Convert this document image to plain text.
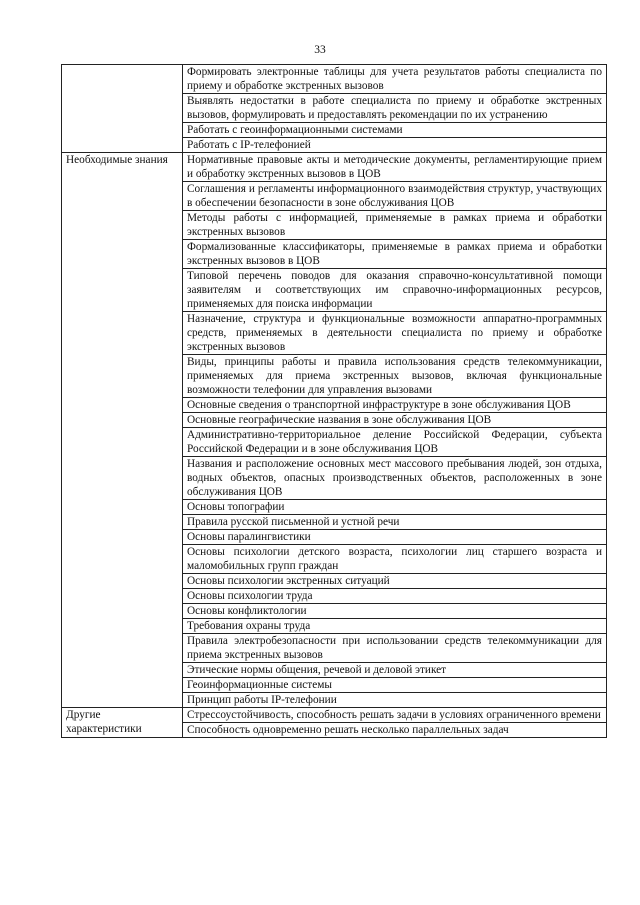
33
	Формировать электронные таблицы для учета результатов работы специалиста по приему и обработке экстренных вызовов
	Выявлять недостатки в работе специалиста по приему и обработке экстренных вызовов, формулировать и предоставлять рекомендации по их устранению
	Работать с геоинформационными системами
	Работать с IP-телефонией

Необходимые знания	Нормативные правовые акты и методические документы, регламентирующие прием и обработку экстренных вызовов в ЦОВ
	Соглашения и регламенты информационного взаимодействия структур, участвующих в обеспечении безопасности в зоне обслуживания ЦОВ
	Методы работы с информацией, применяемые в рамках приема и обработки экстренных вызовов
	Формализованные классификаторы, применяемые в рамках приема и обработки экстренных вызовов в ЦОВ
	Типовой перечень поводов для оказания справочно-консультативной помощи заявителям и соответствующих им справочно-информационных ресурсов, применяемых для поиска информации
	Назначение, структура и функциональные возможности аппаратно-программных средств, применяемых в деятельности специалиста по приему и обработке экстренных вызовов
	Виды, принципы работы и правила использования средств телекоммуникации, применяемых для приема экстренных вызовов, включая функциональные возможности телефонии для управления вызовами
	Основные сведения о транспортной инфраструктуре в зоне обслуживания ЦОВ
	Основные географические названия в зоне обслуживания ЦОВ
	Административно-территориальное деление Российской Федерации, субъекта Российской Федерации и в зоне обслуживания ЦОВ
	Названия и расположение основных мест массового пребывания людей, зон отдыха, водных объектов, опасных производственных объектов, расположенных в зоне обслуживания ЦОВ
	Основы топографии
	Правила русской письменной и устной речи
	Основы паралингвистики
	Основы психологии детского возраста, психологии лиц старшего возраста и маломобильных групп граждан
	Основы психологии экстренных ситуаций
	Основы психологии труда
	Основы конфликтологии
	Требования охраны труда
	Правила электробезопасности при использовании средств телекоммуникации для приема экстренных вызовов
	Этические нормы общения, речевой и деловой этикет
	Геоинформационные системы
	Принцип работы IP-телефонии

Другие характеристики	Стрессоустойчивость, способность решать задачи в условиях ограниченного времени
	Способность одновременно решать несколько параллельных задач
